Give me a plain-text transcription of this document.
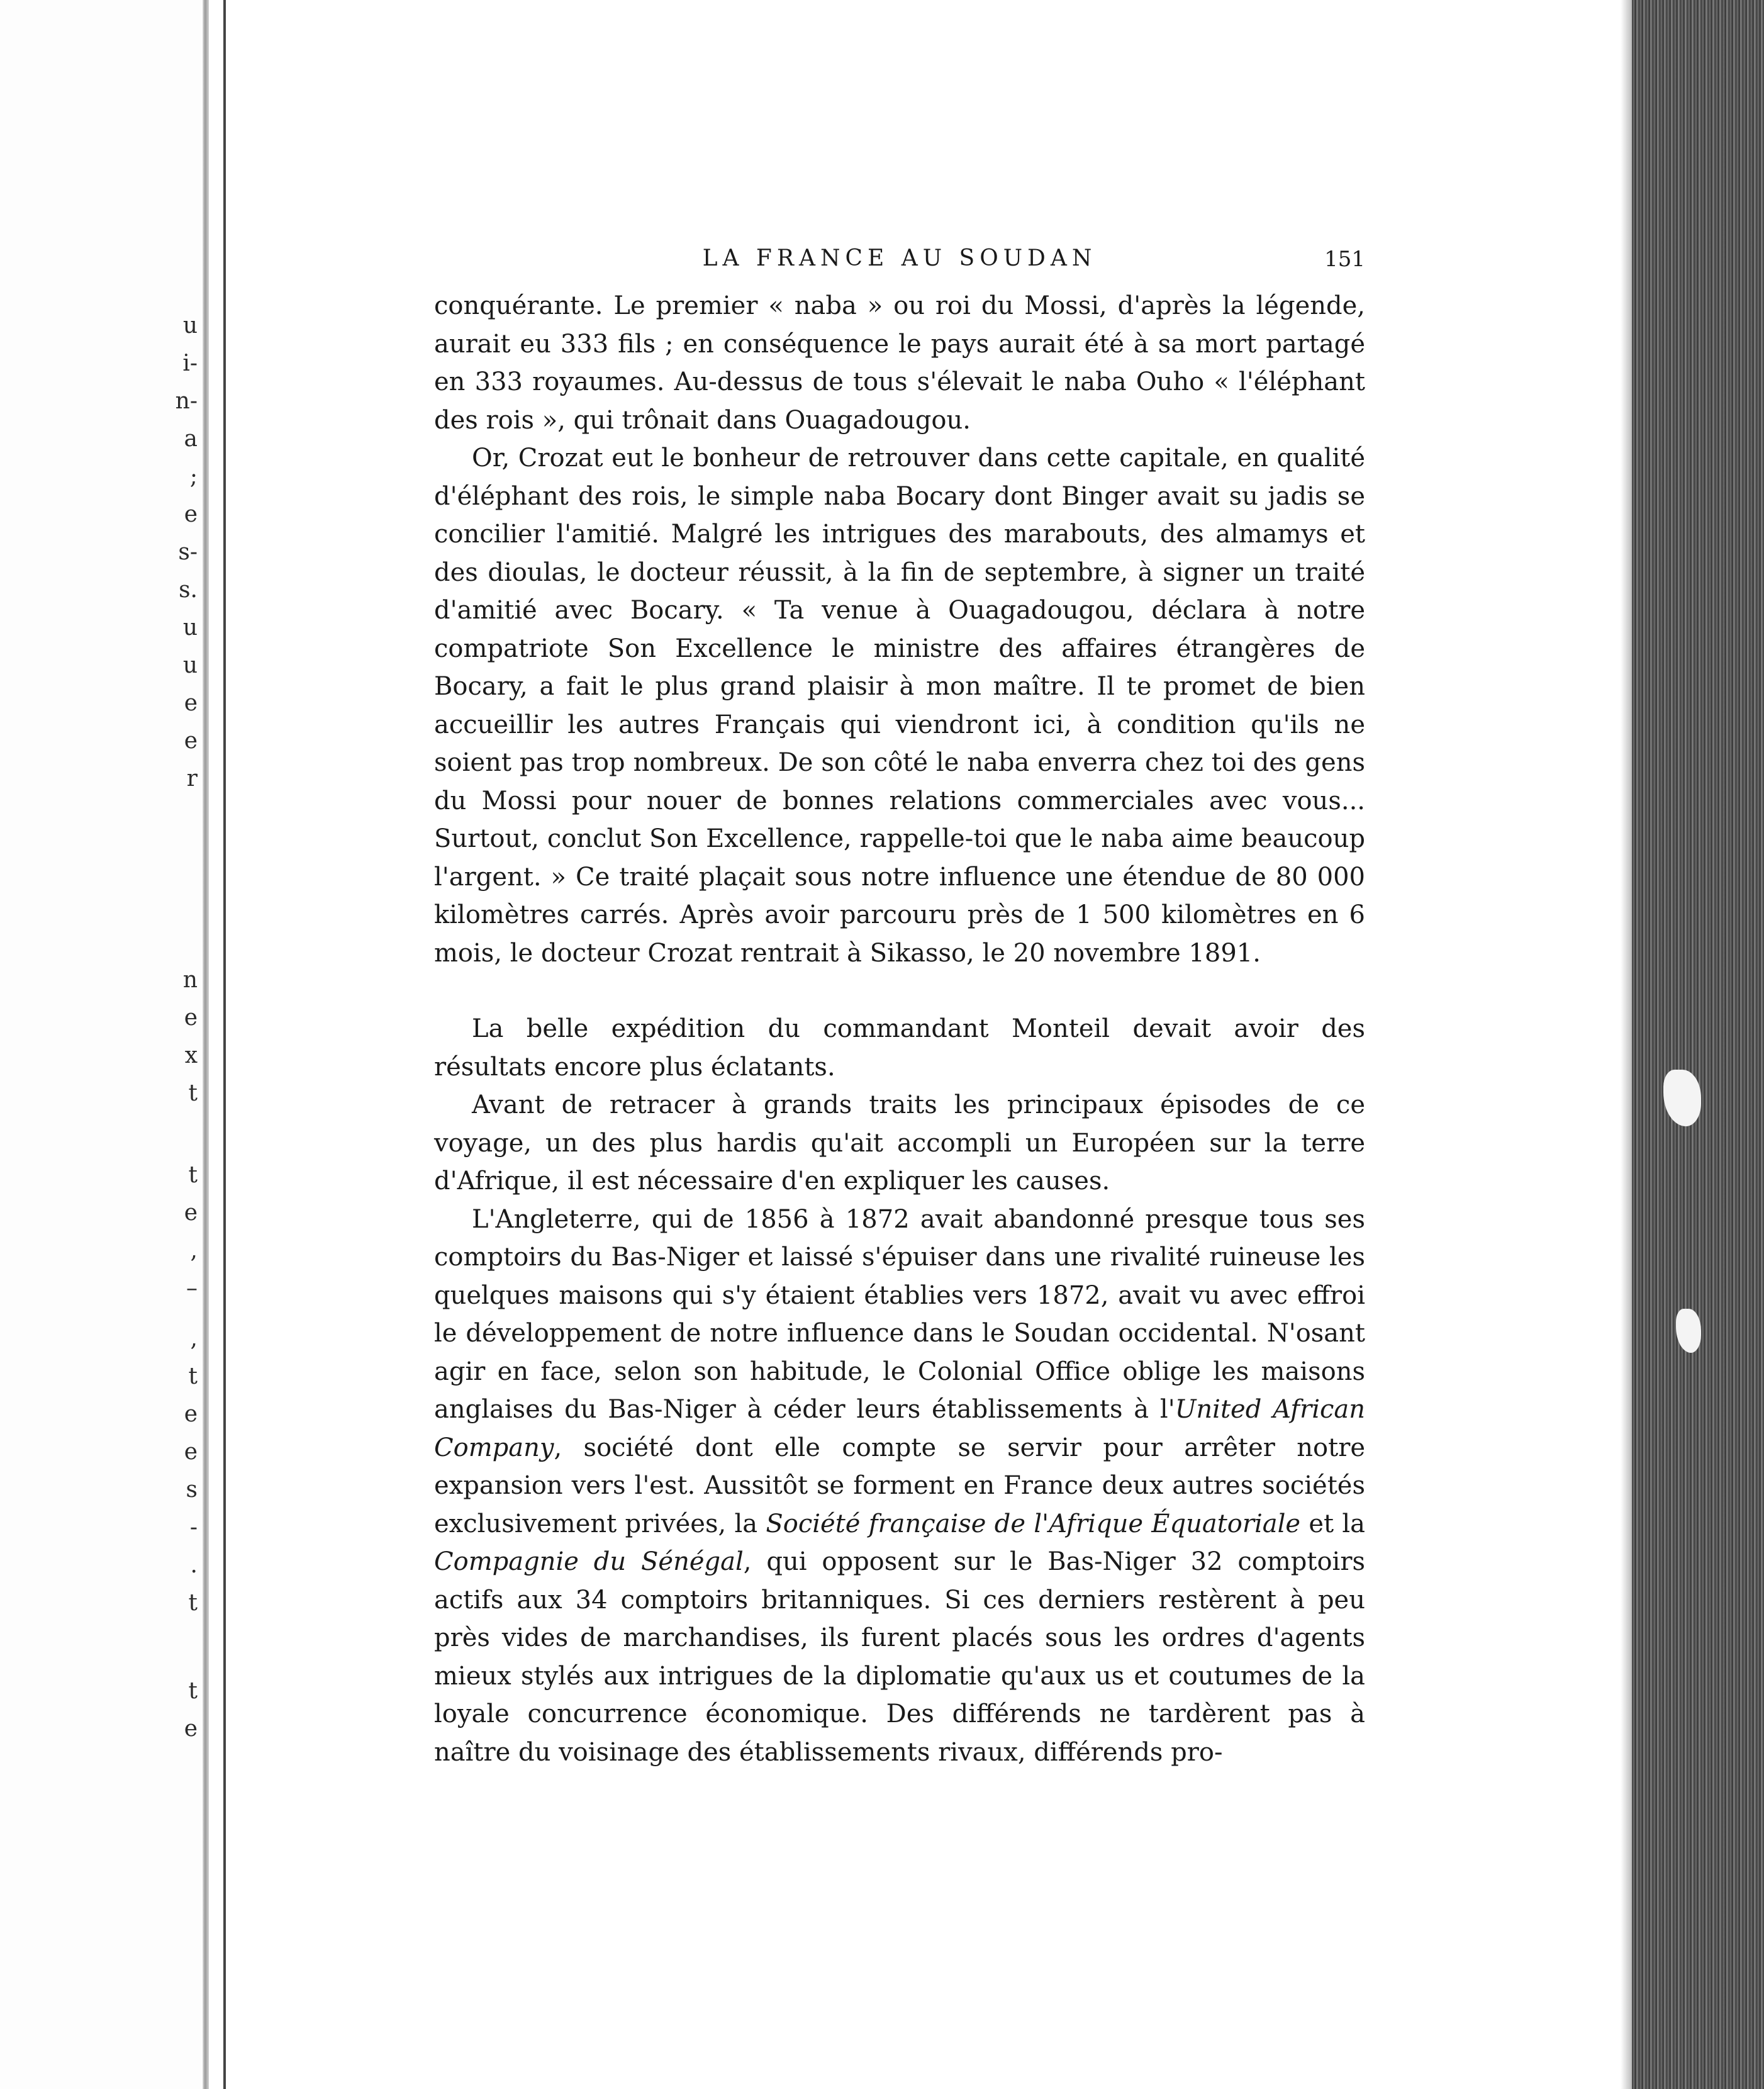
u
i-
n-
a
;
e
s-
s.
u
u
e
e
r
n
e
x
t
t
e
,
–
,
t
e
e
s
-
.
t
t
e
LA FRANCE AU SOUDAN	151

conquérante. Le premier « naba » ou roi du Mossi, d'après la légende, aurait eu 333 fils ; en conséquence le pays aurait été à sa mort partagé en 333 royaumes. Au-dessus de tous s'élevait le naba Ouho « l'éléphant des rois », qui trônait dans Ouagadougou.

Or, Crozat eut le bonheur de retrouver dans cette capitale, en qualité d'éléphant des rois, le simple naba Bocary dont Binger avait su jadis se concilier l'amitié. Malgré les intrigues des marabouts, des almamys et des dioulas, le docteur réussit, à la fin de septembre, à signer un traité d'amitié avec Bocary. « Ta venue à Ouagadougou, déclara à notre compatriote Son Excellence le ministre des affaires étrangères de Bocary, a fait le plus grand plaisir à mon maître. Il te promet de bien accueillir les autres Français qui viendront ici, à condition qu'ils ne soient pas trop nombreux. De son côté le naba enverra chez toi des gens du Mossi pour nouer de bonnes relations commerciales avec vous... Surtout, conclut Son Excellence, rappelle-toi que le naba aime beaucoup l'argent. » Ce traité plaçait sous notre influence une étendue de 80 000 kilomètres carrés. Après avoir parcouru près de 1 500 kilomètres en 6 mois, le docteur Crozat rentrait à Sikasso, le 20 novembre 1891.

La belle expédition du commandant Monteil devait avoir des résultats encore plus éclatants.

Avant de retracer à grands traits les principaux épisodes de ce voyage, un des plus hardis qu'ait accompli un Européen sur la terre d'Afrique, il est nécessaire d'en expliquer les causes.

L'Angleterre, qui de 1856 à 1872 avait abandonné presque tous ses comptoirs du Bas-Niger et laissé s'épuiser dans une rivalité ruineuse les quelques maisons qui s'y étaient établies vers 1872, avait vu avec effroi le développement de notre influence dans le Soudan occidental. N'osant agir en face, selon son habitude, le Colonial Office oblige les maisons anglaises du Bas-Niger à céder leurs établissements à l'United African Company, société dont elle compte se servir pour arrêter notre expansion vers l'est. Aussitôt se forment en France deux autres sociétés exclusivement privées, la Société française de l'Afrique Équatoriale et la Compagnie du Sénégal, qui opposent sur le Bas-Niger 32 comptoirs actifs aux 34 comptoirs britanniques. Si ces derniers restèrent à peu près vides de marchandises, ils furent placés sous les ordres d'agents mieux stylés aux intrigues de la diplomatie qu'aux us et coutumes de la loyale concurrence économique. Des différends ne tardèrent pas à naître du voisinage des établissements rivaux, différends pro-
